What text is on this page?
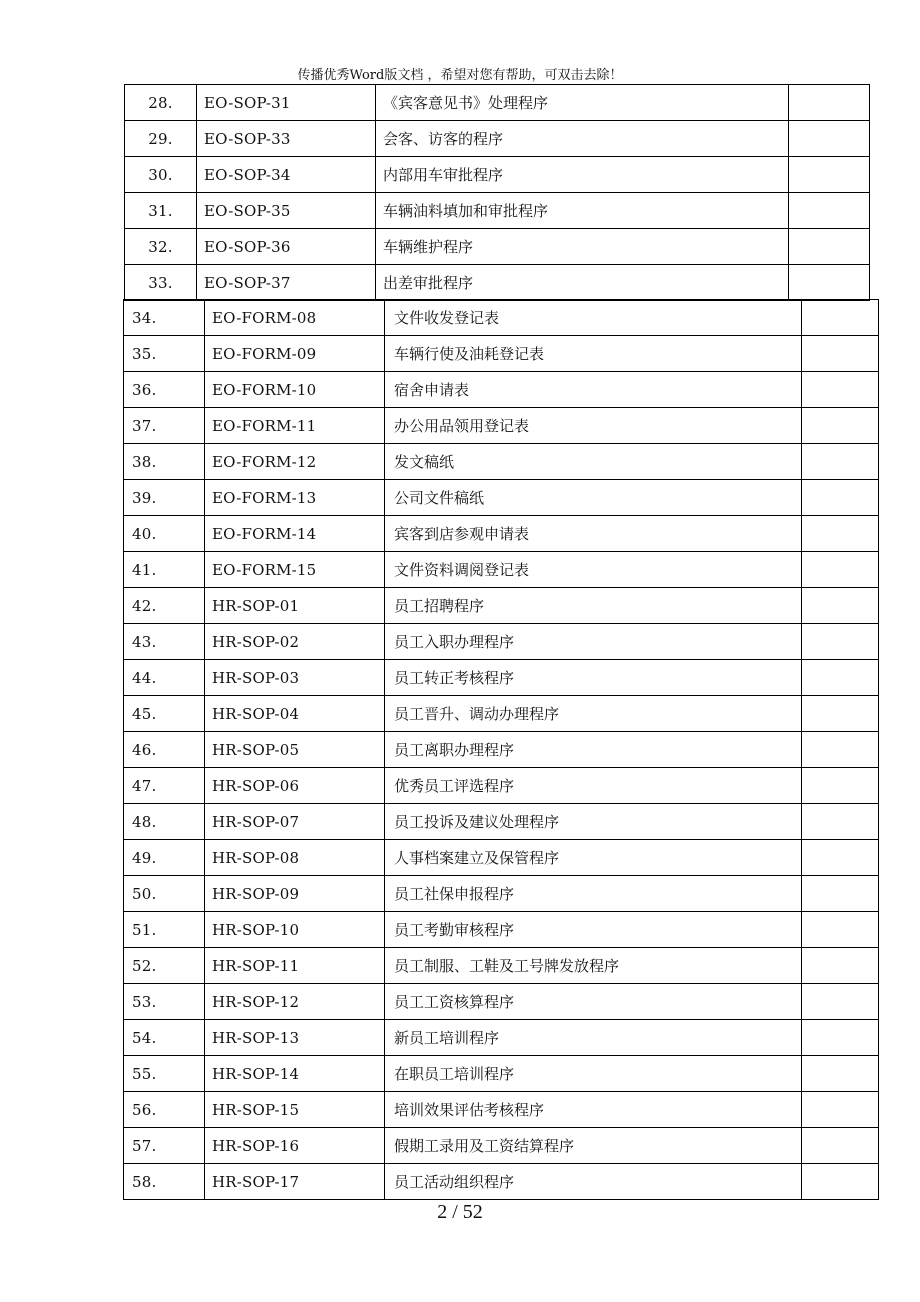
传播优秀Word版文档 ，希望对您有帮助，可双击去除！
28.	EO-SOP-31	《宾客意见书》处理程序	
29.	EO-SOP-33	会客、访客的程序	
30.	EO-SOP-34	内部用车审批程序	
31.	EO-SOP-35	车辆油料填加和审批程序	
32.	EO-SOP-36	车辆维护程序	
33.	EO-SOP-37	出差审批程序	
34.	EO-FORM-08	文件收发登记表	
35.	EO-FORM-09	车辆行使及油耗登记表	
36.	EO-FORM-10	宿舍申请表	
37.	EO-FORM-11	办公用品领用登记表	
38.	EO-FORM-12	发文稿纸	
39.	EO-FORM-13	公司文件稿纸	
40.	EO-FORM-14	宾客到店参观申请表	
41.	EO-FORM-15	文件资料调阅登记表	
42.	HR-SOP-01	员工招聘程序	
43.	HR-SOP-02	员工入职办理程序	
44.	HR-SOP-03	员工转正考核程序	
45.	HR-SOP-04	员工晋升、调动办理程序	
46.	HR-SOP-05	员工离职办理程序	
47.	HR-SOP-06	优秀员工评选程序	
48.	HR-SOP-07	员工投诉及建议处理程序	
49.	HR-SOP-08	人事档案建立及保管程序	
50.	HR-SOP-09	员工社保申报程序	
51.	HR-SOP-10	员工考勤审核程序	
52.	HR-SOP-11	员工制服、工鞋及工号牌发放程序	
53.	HR-SOP-12	员工工资核算程序	
54.	HR-SOP-13	新员工培训程序	
55.	HR-SOP-14	在职员工培训程序	
56.	HR-SOP-15	培训效果评估考核程序	
57.	HR-SOP-16	假期工录用及工资结算程序	
58.	HR-SOP-17	员工活动组织程序	
2 / 52
